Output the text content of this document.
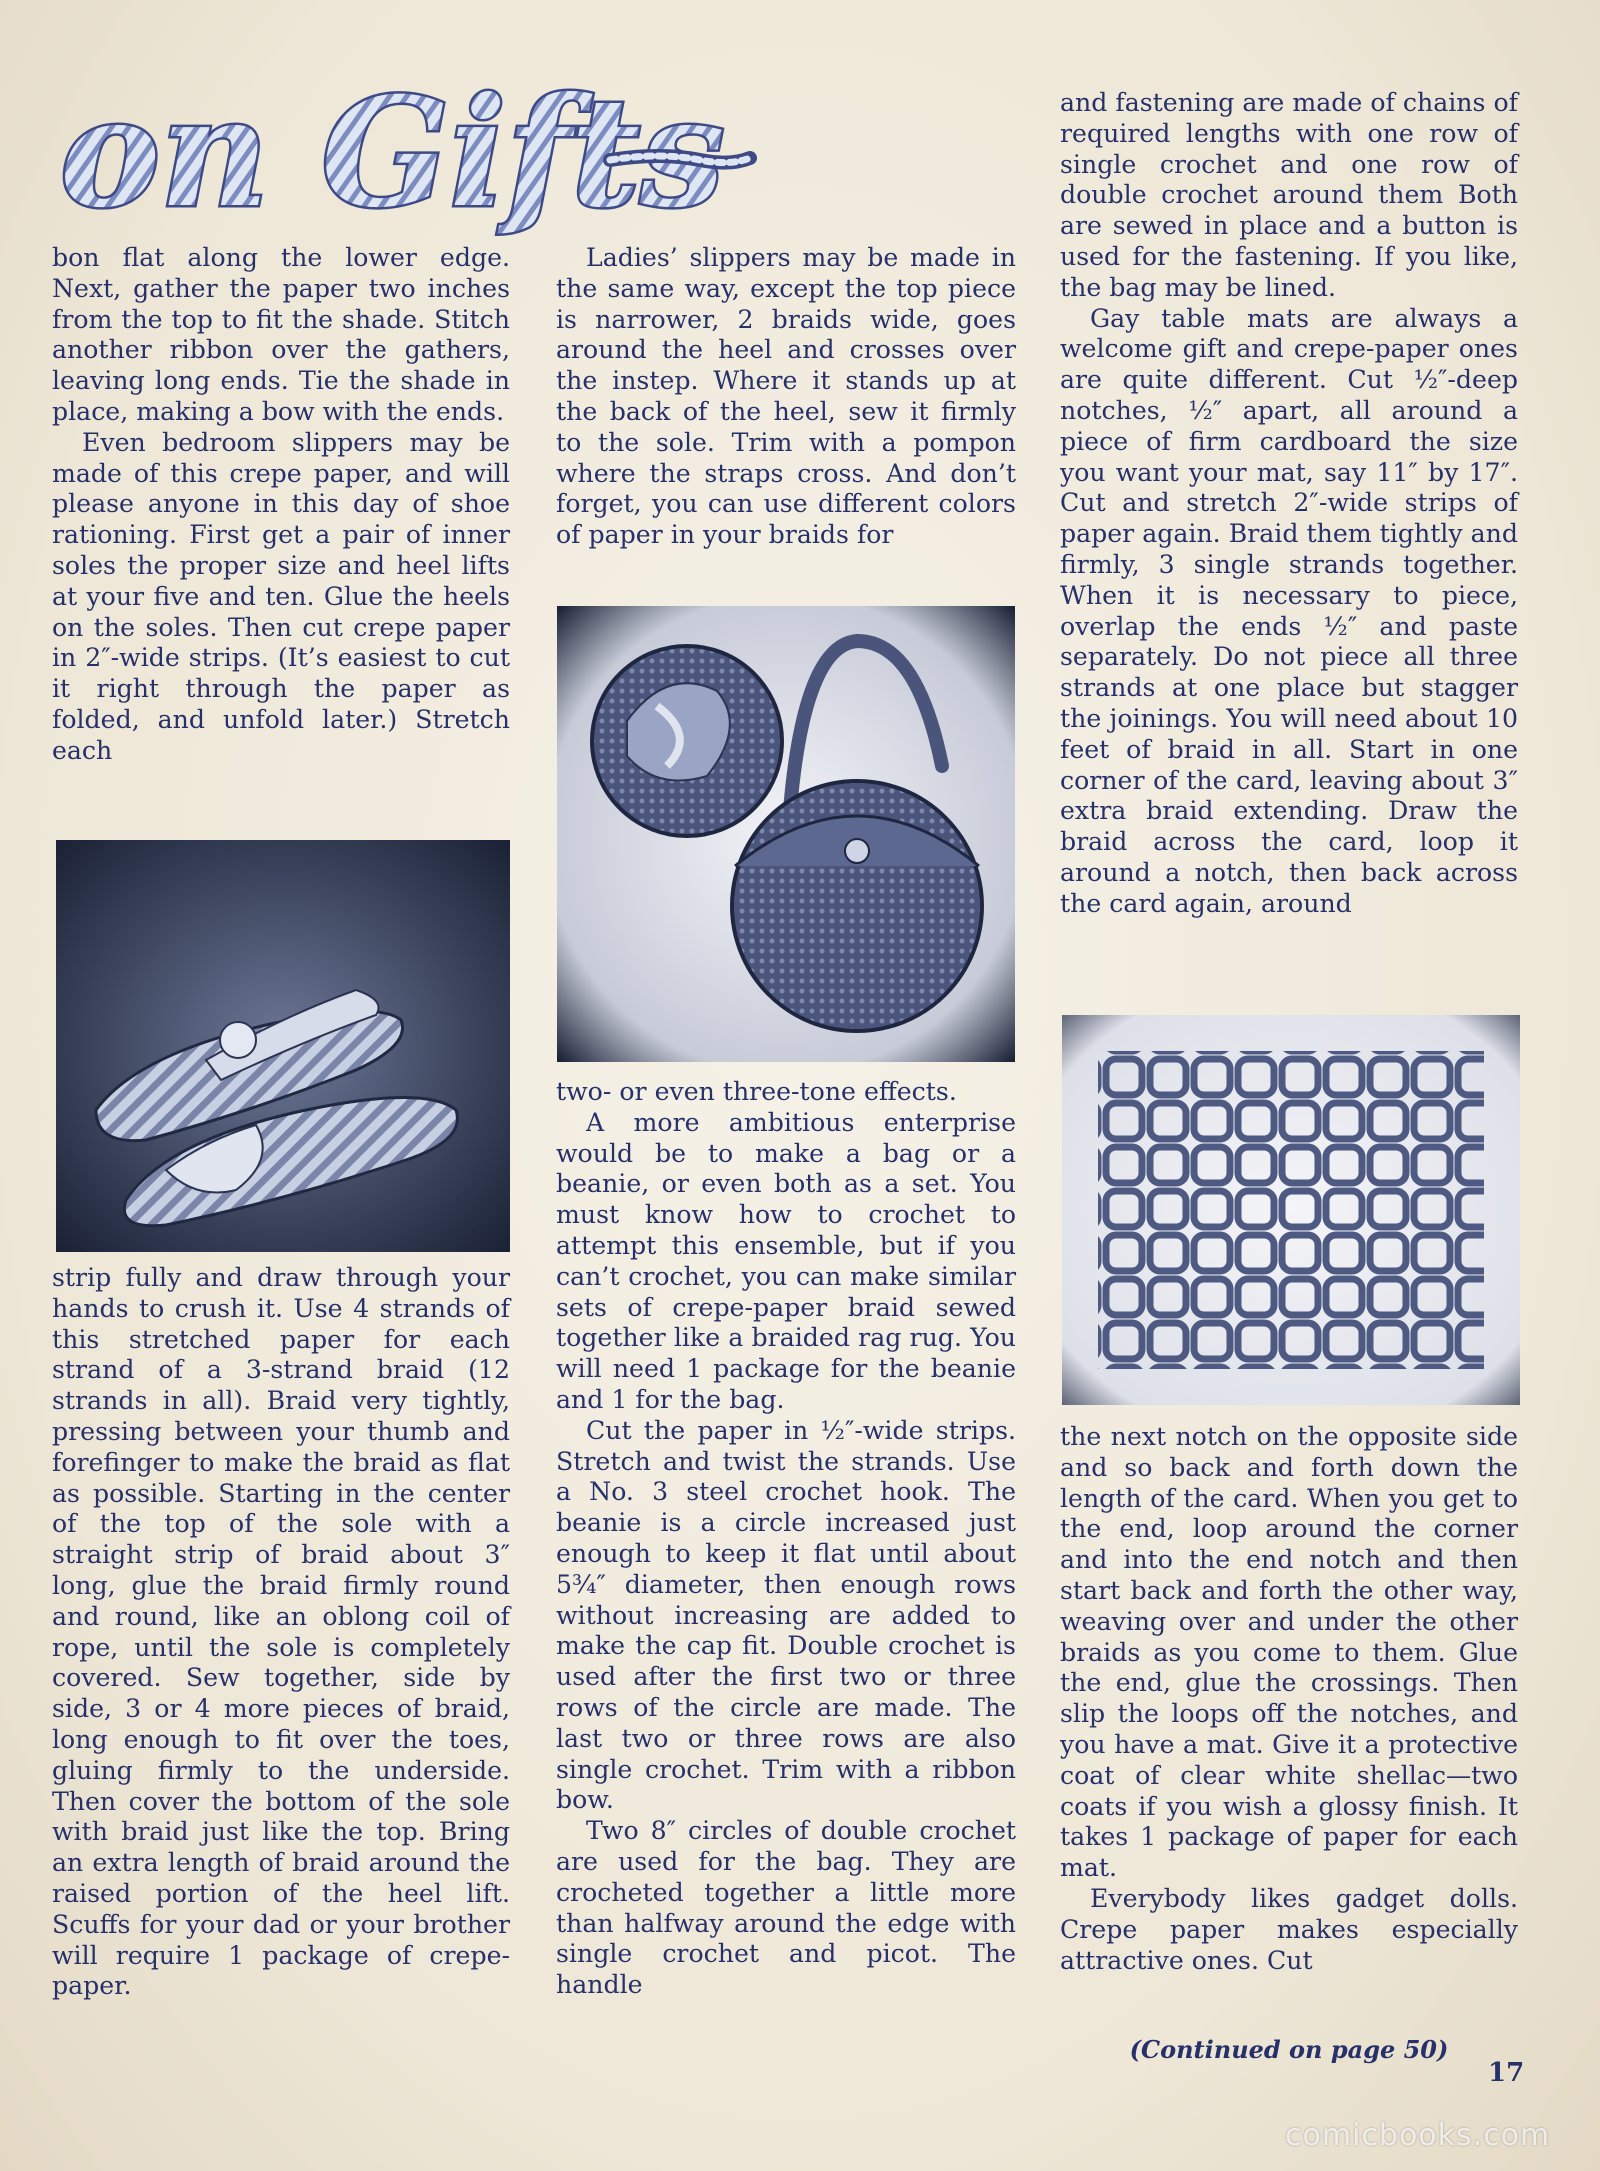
on Gifts

bon flat along the lower edge. Next, gather the paper two inches from the top to fit the shade. Stitch another ribbon over the gathers, leaving long ends. Tie the shade in place, making a bow with the ends.

Even bedroom slippers may be made of this crepe paper, and will please anyone in this day of shoe rationing. First get a pair of inner soles the proper size and heel lifts at your five and ten. Glue the heels on the soles. Then cut crepe paper in 2″-wide strips. (It’s easiest to cut it right through the paper as folded, and unfold later.) Stretch each

strip fully and draw through your hands to crush it. Use 4 strands of this stretched paper for each strand of a 3-strand braid (12 strands in all). Braid very tightly, pressing between your thumb and forefinger to make the braid as flat as possible. Starting in the center of the top of the sole with a straight strip of braid about 3″ long, glue the braid firmly round and round, like an oblong coil of rope, until the sole is completely covered. Sew together, side by side, 3 or 4 more pieces of braid, long enough to fit over the toes, gluing firmly to the underside. Then cover the bottom of the sole with braid just like the top. Bring an extra length of braid around the raised portion of the heel lift. Scuffs for your dad or your brother will require 1 package of crepe-paper.

Ladies’ slippers may be made in the same way, except the top piece is narrower, 2 braids wide, goes around the heel and crosses over the instep. Where it stands up at the back of the heel, sew it firmly to the sole. Trim with a pompon where the straps cross. And don’t forget, you can use different colors of paper in your braids for

two- or even three-tone effects.

A more ambitious enterprise would be to make a bag or a beanie, or even both as a set. You must know how to crochet to attempt this ensemble, but if you can’t crochet, you can make similar sets of crepe-paper braid sewed together like a braided rag rug. You will need 1 package for the beanie and 1 for the bag.

Cut the paper in ½″-wide strips. Stretch and twist the strands. Use a No. 3 steel crochet hook. The beanie is a circle increased just enough to keep it flat until about 5¾″ diameter, then enough rows without increasing are added to make the cap fit. Double crochet is used after the first two or three rows of the circle are made. The last two or three rows are also single crochet. Trim with a ribbon bow.

Two 8″ circles of double crochet are used for the bag. They are crocheted together a little more than halfway around the edge with single crochet and picot. The handle

and fastening are made of chains of required lengths with one row of single crochet and one row of double crochet around them Both are sewed in place and a button is used for the fastening. If you like, the bag may be lined.

Gay table mats are always a welcome gift and crepe-paper ones are quite different. Cut ½″-deep notches, ½″ apart, all around a piece of firm cardboard the size you want your mat, say 11″ by 17″. Cut and stretch 2″-wide strips of paper again. Braid them tightly and firmly, 3 single strands together. When it is necessary to piece, overlap the ends ½″ and paste separately. Do not piece all three strands at one place but stagger the joinings. You will need about 10 feet of braid in all. Start in one corner of the card, leaving about 3″ extra braid extending. Draw the braid across the card, loop it around a notch, then back across the card again, around

the next notch on the opposite side and so back and forth down the length of the card. When you get to the end, loop around the corner and into the end notch and then start back and forth the other way, weaving over and under the other braids as you come to them. Glue the end, glue the crossings. Then slip the loops off the notches, and you have a mat. Give it a protective coat of clear white shellac—two coats if you wish a glossy finish. It takes 1 package of paper for each mat.

Everybody likes gadget dolls. Crepe paper makes especially attractive ones. Cut

(Continued on page 50)
17
comicbooks.com
